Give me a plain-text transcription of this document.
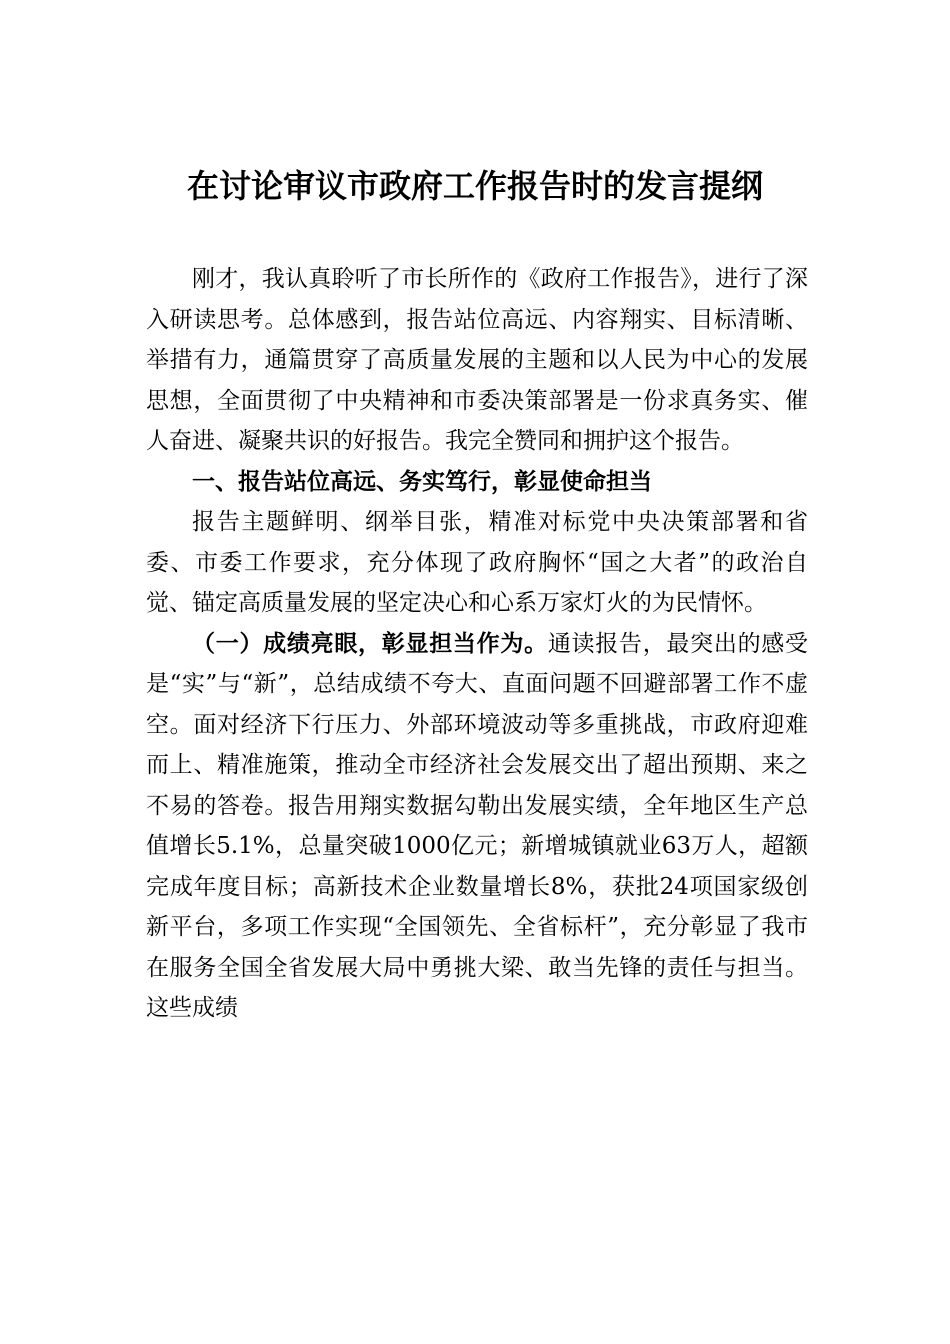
在讨论审议市政府工作报告时的发言提纲

刚才，我认真聆听了市长所作的《政府工作报告》，进行了深入研读思考。总体感到，报告站位高远、内容翔实、目标清晰、举措有力，通篇贯穿了高质量发展的主题和以人民为中心的发展思想，全面贯彻了中央精神和市委决策部署是一份求真务实、催人奋进、凝聚共识的好报告。我完全赞同和拥护这个报告。

一、报告站位高远、务实笃行，彰显使命担当

报告主题鲜明、纲举目张，精准对标党中央决策部署和省委、市委工作要求，充分体现了政府胸怀“国之大者”的政治自觉、锚定高质量发展的坚定决心和心系万家灯火的为民情怀。

（一）成绩亮眼，彰显担当作为。通读报告，最突出的感受是“实”与“新”，总结成绩不夸大、直面问题不回避部署工作不虚空。面对经济下行压力、外部环境波动等多重挑战，市政府迎难而上、精准施策，推动全市经济社会发展交出了超出预期、来之不易的答卷。报告用翔实数据勾勒出发展实绩，全年地区生产总值增长5.1%，总量突破1000亿元；新增城镇就业63万人，超额完成年度目标；高新技术企业数量增长8%，获批24项国家级创新平台，多项工作实现“全国领先、全省标杆”，充分彰显了我市在服务全国全省发展大局中勇挑大梁、敢当先锋的责任与担当。这些成绩
